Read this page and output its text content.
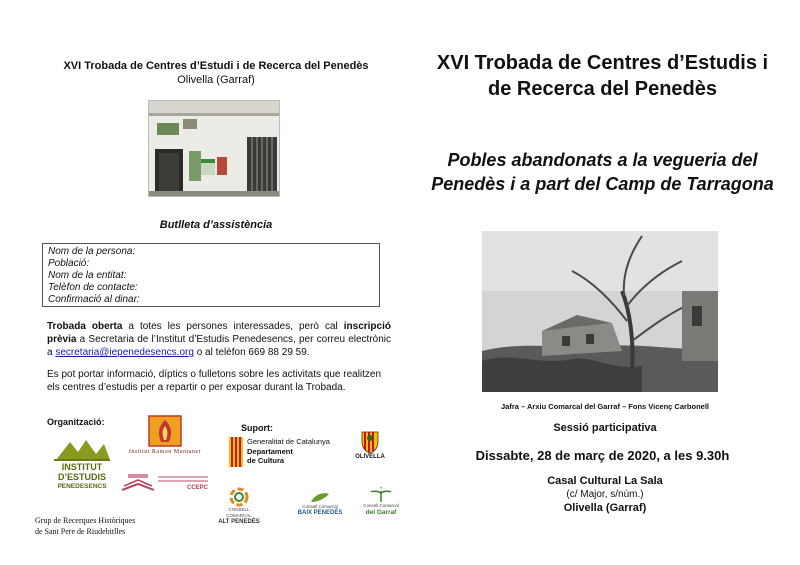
XVI Trobada de Centres d’Estudi i de Recerca del Penedès
Olivella (Garraf)
Butlleta d’assistència
Nom de la persona:
Població:
Nom de la entitat:
Telèfon de contacte:
Confirmació al dinar:
Trobada oberta a totes les persones interessades, però cal inscripció prèvia a Secretaria de l’Institut d’Estudis Penedesencs, per correu electrònic a secretaria@iepenedesencs.org o al telèfon 669 88 29 59.
Es pot portar informació, díptics o fulletons sobre les activitats que realitzen els centres d’estudis per a repartir o per exposar durant la Trobada.
Organització:
Suport:
INSTITUT
D’ESTUDIS
PENEDESENCS
Institut Ramon Muntaner
CCEPC
Grup de Recerques Històriques
de Sant Pere de Riudebitlles
Generalitat de Catalunya
Departament
de Cultura	OLIVELLA
CONSELL COMARCAL
ALT PENEDÈS
Consell Comarcal
BAIX PENEDÈS
Consell Comarcal
del Garraf
XVI Trobada de Centres d’Estudis i de Recerca del Penedès
Pobles abandonats a la vegueria del Penedès i a part del Camp de Tarragona
Jafra – Arxiu Comarcal del Garraf – Fons Vicenç Carbonell
Sessió participativa
Dissabte, 28 de març de 2020, a les 9.30h
Casal Cultural La Sala
(c/ Major, s/núm.)
Olivella (Garraf)
